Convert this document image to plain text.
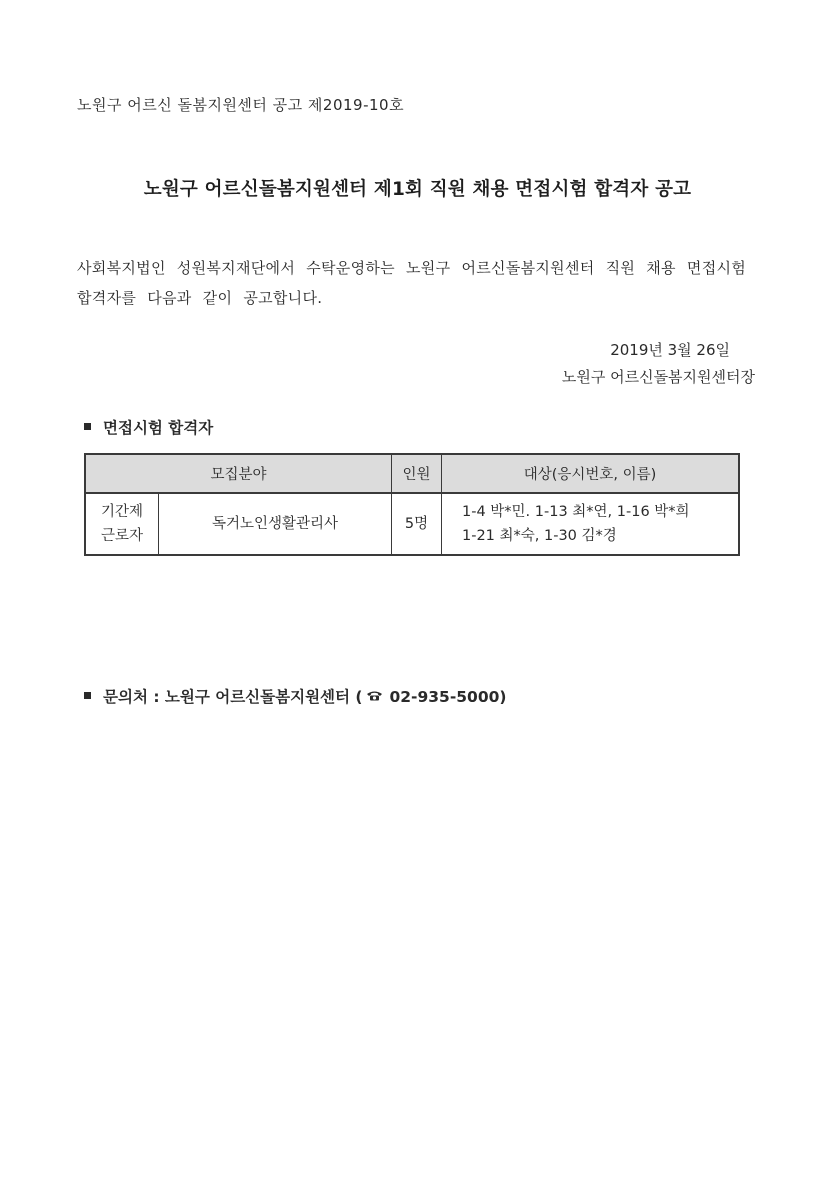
노원구 어르신 돌봄지원센터 공고 제2019-10호
노원구 어르신돌봄지원센터 제1회 직원 채용 면접시험 합격자 공고
사회복지법인 성원복지재단에서 수탁운영하는 노원구 어르신돌봄지원센터 직원 채용 면접시험 합격자를 다음과 같이 공고합니다.
2019년 3월 26일
노원구 어르신돌봄지원센터장
면접시험 합격자
모집분야		인원	대상(응시번호, 이름)

기간제
근로자	독거노인생활관리사	5명	1-4 박*민. 1-13 최*연, 1-16 박*희
1-21 최*숙, 1-30 김*경
문의처 : 노원구 어르신돌봄지원센터 ( 02-935-5000)
